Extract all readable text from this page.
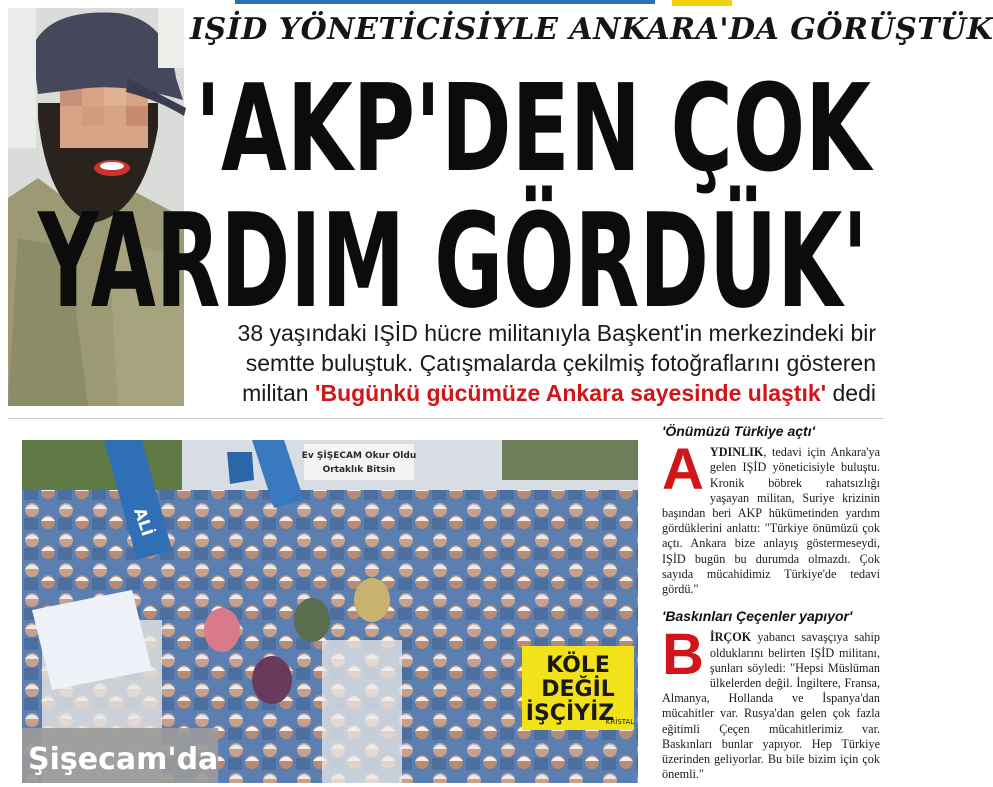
IŞİD YÖNETİCİSİYLE ANKARA'DA GÖRÜŞTÜK
'AKP'DEN ÇOK
YARDIM GÖRDÜK'
38 yaşındaki IŞİD hücre militanıyla Başkent'in merkezindeki bir
semtte buluştuk. Çatışmalarda çekilmiş fotoğraflarını gösteren
militan 'Bugünkü gücümüze Ankara sayesinde ulaştık' dedi
ALİ
Ev ŞİŞECAM Okur Oldu
Ortaklık Bitsin
KÖLE
DEĞİL
İŞÇİYİZ
KRİSTAL
Şişecam'da
'Önümüzü Türkiye açtı'

AYDINLIK, tedavi için Ankara'ya gelen IŞİD yöneticisiyle buluştu. Kronik böbrek rahatsızlığı yaşayan militan, Suriye krizinin başından beri AKP hükümetinden yardım gördüklerini anlattı: "Türkiye önümüzü çok açtı. Ankara bize anlayış göstermeseydi, IŞİD bugün bu durumda olmazdı. Çok sayıda mücahidimiz Türkiye'de tedavi gördü."

'Baskınları Çeçenler yapıyor'

BİRÇOK yabancı savaşçıya sahip olduklarını belirten IŞİD militanı, şunları söyledi: "Hepsi Müslüman ülkelerden değil. İngiltere, Fransa, Almanya, Hollanda ve İspanya'dan mücahitler var. Rusya'dan gelen çok fazla eğitimli Çeçen mücahitlerimiz var. Baskınları bunlar yapıyor. Hep Türkiye üzerinden geliyorlar. Bu bile bizim için çok önemli."
